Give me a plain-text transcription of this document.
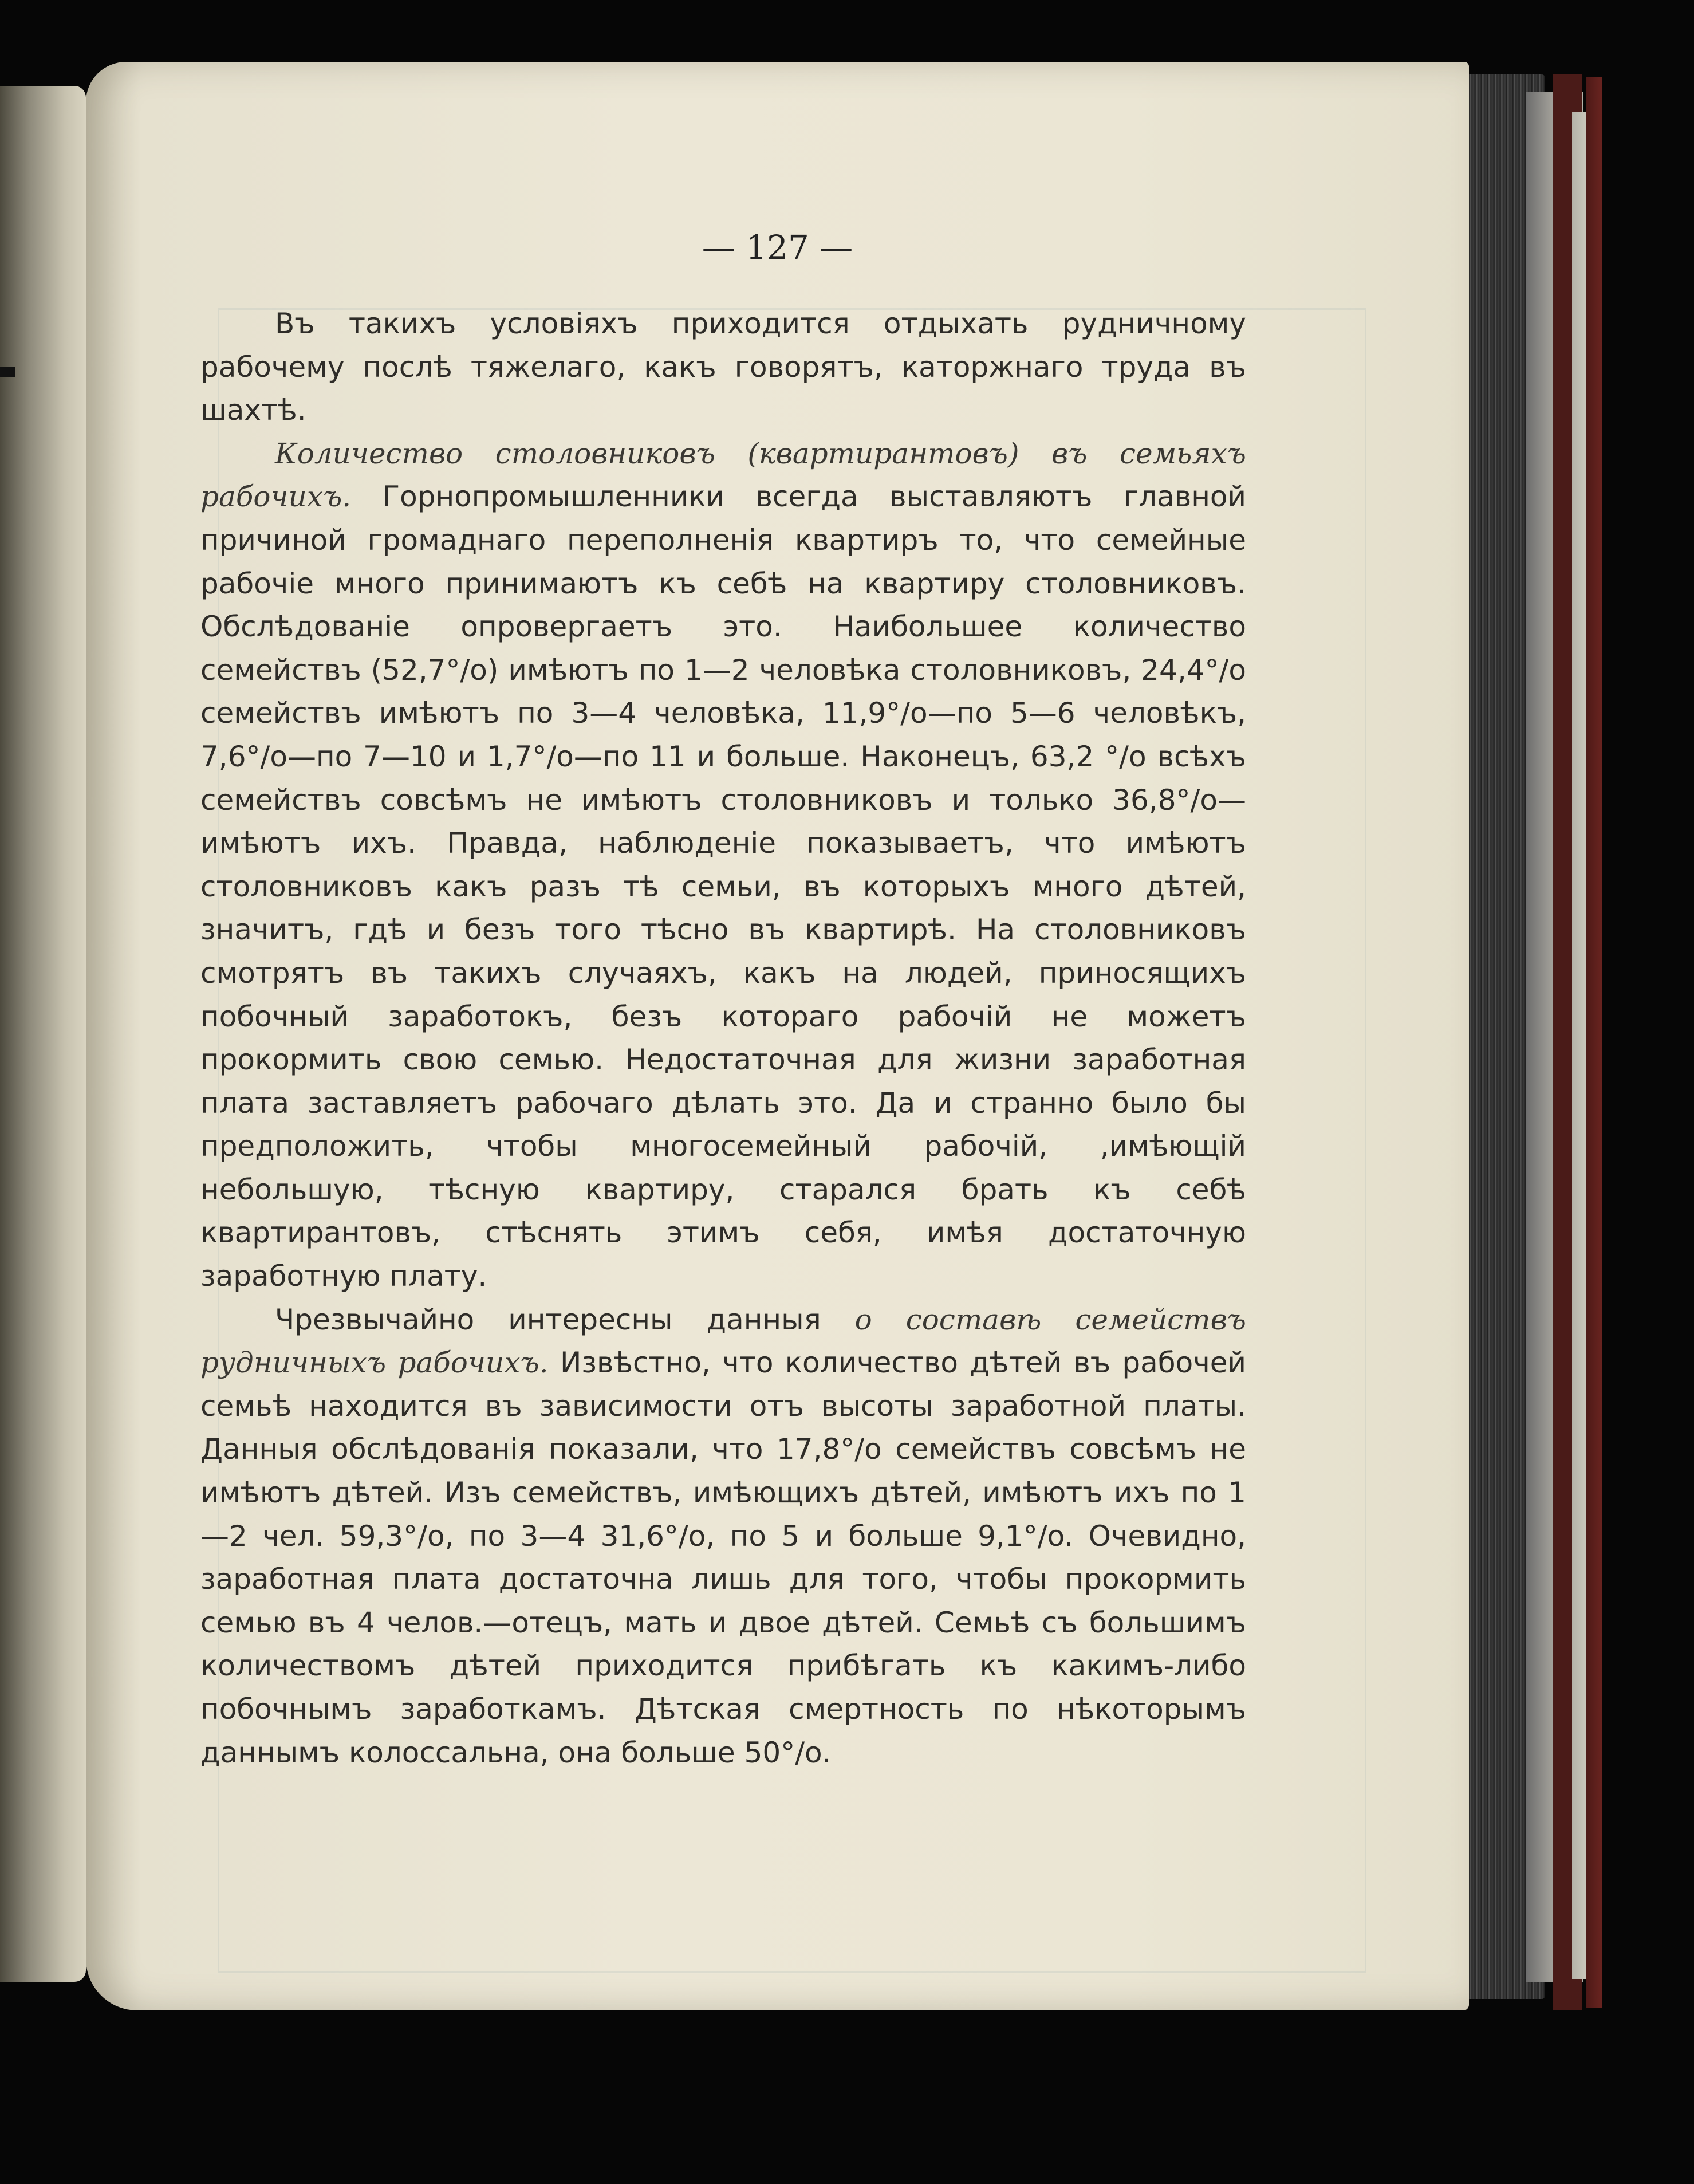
— 127 —

Въ такихъ условіяхъ приходится отдыхать рудничному рабочему послѣ тяжелаго, какъ говорятъ, каторжнаго труда въ шахтѣ.

Количество столовниковъ (квартирантовъ) въ семьяхъ рабочихъ. Горнопромышленники всегда выставляютъ главной причиной громаднаго переполненія квартиръ то, что семейные рабочіе много принимаютъ къ себѣ на квартиру столовниковъ. Обслѣдованіе опровергаетъ это. Наибольшее количество семействъ (52,7°/o) имѣютъ по 1—2 человѣка столовниковъ, 24,4°/o семействъ имѣютъ по 3—4 человѣка, 11,9°/o—по 5—6 человѣкъ, 7,6°/o—по 7—10 и 1,7°/o—по 11 и больше. Наконецъ, 63,2 °/o всѣхъ семействъ совсѣмъ не имѣютъ столовниковъ и только 36,8°/o—имѣютъ ихъ. Правда, наблюденіе показываетъ, что имѣютъ столовниковъ какъ разъ тѣ семьи, въ которыхъ много дѣтей, значитъ, гдѣ и безъ того тѣсно въ квартирѣ. На столовниковъ смотрятъ въ такихъ случаяхъ, какъ на людей, приносящихъ побочный заработокъ, безъ котораго рабочій не можетъ прокормить свою семью. Недостаточная для жизни заработная плата заставляетъ рабочаго дѣлать это. Да и странно было бы предположить, чтобы многосемейный рабочій, ,имѣющій небольшую, тѣсную квартиру, старался брать къ себѣ квартирантовъ, стѣснять этимъ себя, имѣя достаточную заработную плату.

Чрезвычайно интересны данныя о составѣ семействъ рудничныхъ рабочихъ. Извѣстно, что количество дѣтей въ рабочей семьѣ находится въ зависимости отъ высоты заработной платы. Данныя обслѣдованія показали, что 17,8°/o семействъ совсѣмъ не имѣютъ дѣтей. Изъ семействъ, имѣющихъ дѣтей, имѣютъ ихъ по 1—2 чел. 59,3°/o, по 3—4 31,6°/o, по 5 и больше 9,1°/o. Очевидно, заработная плата достаточна лишь для того, чтобы прокормить семью въ 4 челов.—отецъ, мать и двое дѣтей. Семьѣ съ большимъ количествомъ дѣтей приходится прибѣгать къ какимъ-либо побочнымъ заработкамъ. Дѣтская смертность по нѣкоторымъ даннымъ колоссальна, она больше 50°/o.
